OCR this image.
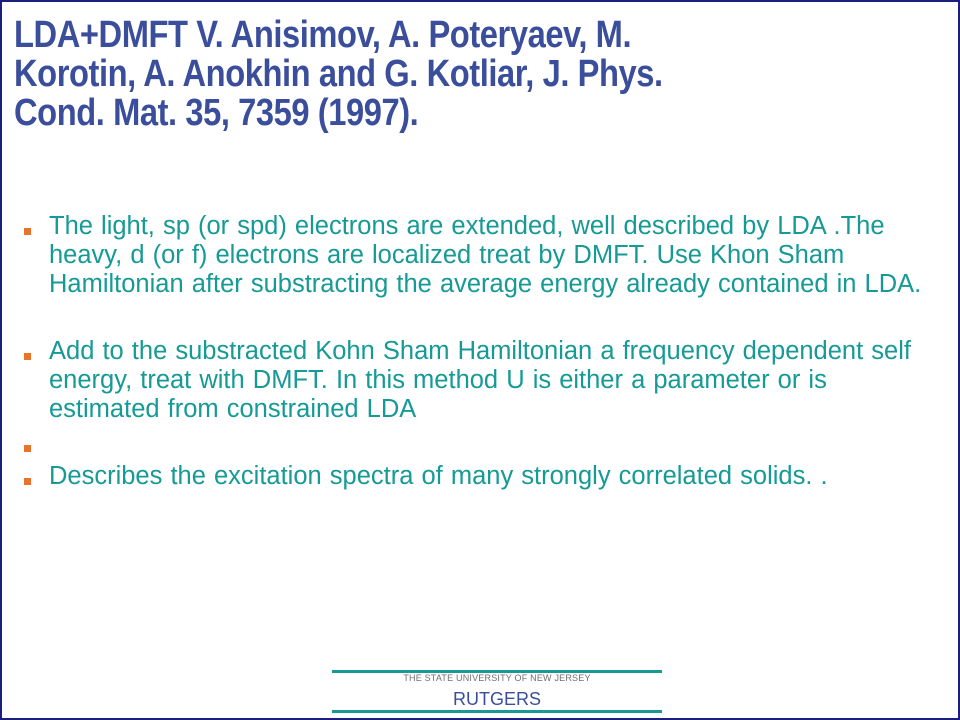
LDA+DMFT V. Anisimov, A. Poteryaev, M.
Korotin, A. Anokhin and G. Kotliar, J. Phys.
Cond. Mat. 35, 7359 (1997).
The light, sp (or spd) electrons are extended, well described by LDA .The heavy, d (or f) electrons are localized treat by DMFT. Use Khon Sham Hamiltonian after substracting the average energy already contained in LDA.
Add to the substracted Kohn Sham Hamiltonian a frequency dependent self energy, treat with DMFT. In this method U is either a parameter or is estimated from constrained LDA
Describes the excitation spectra of many strongly correlated solids. .
THE STATE UNIVERSITY OF NEW JERSEY
RUTGERS
